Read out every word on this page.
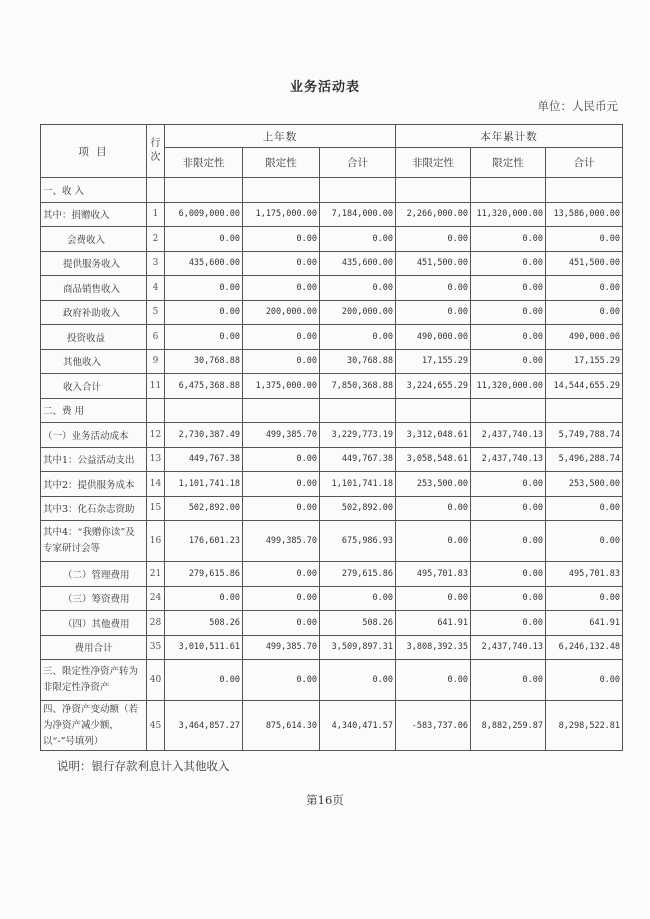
业务活动表
单位：人民币元
项 目	行次	上年数			本年累计数		
		非限定性	限定性	合计	非限定性	限定性	合计
一、收 入							
其中：捐赠收入	1	6,009,000.00	1,175,000.00	7,184,000.00	2,266,000.00	11,320,000.00	13,586,000.00
会费收入	2	0.00	0.00	0.00	0.00	0.00	0.00
提供服务收入	3	435,600.00	0.00	435,600.00	451,500.00	0.00	451,500.00
商品销售收入	4	0.00	0.00	0.00	0.00	0.00	0.00
政府补助收入	5	0.00	200,000.00	200,000.00	0.00	0.00	0.00
投资收益	6	0.00	0.00	0.00	490,000.00	0.00	490,000.00
其他收入	9	30,768.88	0.00	30,768.88	17,155.29	0.00	17,155.29
收入合计	11	6,475,368.88	1,375,000.00	7,850,368.88	3,224,655.29	11,320,000.00	14,544,655.29
二、费 用							
（一）业务活动成本	12	2,730,387.49	499,385.70	3,229,773.19	3,312,048.61	2,437,740.13	5,749,788.74
其中1：公益活动支出	13	449,767.38	0.00	449,767.38	3,058,548.61	2,437,740.13	5,496,288.74
其中2：提供服务成本	14	1,101,741.18	0.00	1,101,741.18	253,500.00	0.00	253,500.00
其中3：化石杂志资助	15	502,892.00	0.00	502,892.00	0.00	0.00	0.00
其中4：“我赠你读”及专家研讨会等	16	176,601.23	499,385.70	675,986.93	0.00	0.00	0.00
（二）管理费用	21	279,615.86	0.00	279,615.86	495,701.83	0.00	495,701.83
（三）筹资费用	24	0.00	0.00	0.00	0.00	0.00	0.00
（四）其他费用	28	508.26	0.00	508.26	641.91	0.00	641.91
费用合计	35	3,010,511.61	499,385.70	3,509,897.31	3,808,392.35	2,437,740.13	6,246,132.48
三、限定性净资产转为非限定性净资产	40	0.00	0.00	0.00	0.00	0.00	0.00
四、净资产变动额（若为净资产减少额，以“-”号填列）	45	3,464,857.27	875,614.30	4,340,471.57	-583,737.06	8,882,259.87	8,298,522.81
说明：银行存款利息计入其他收入
第16页
